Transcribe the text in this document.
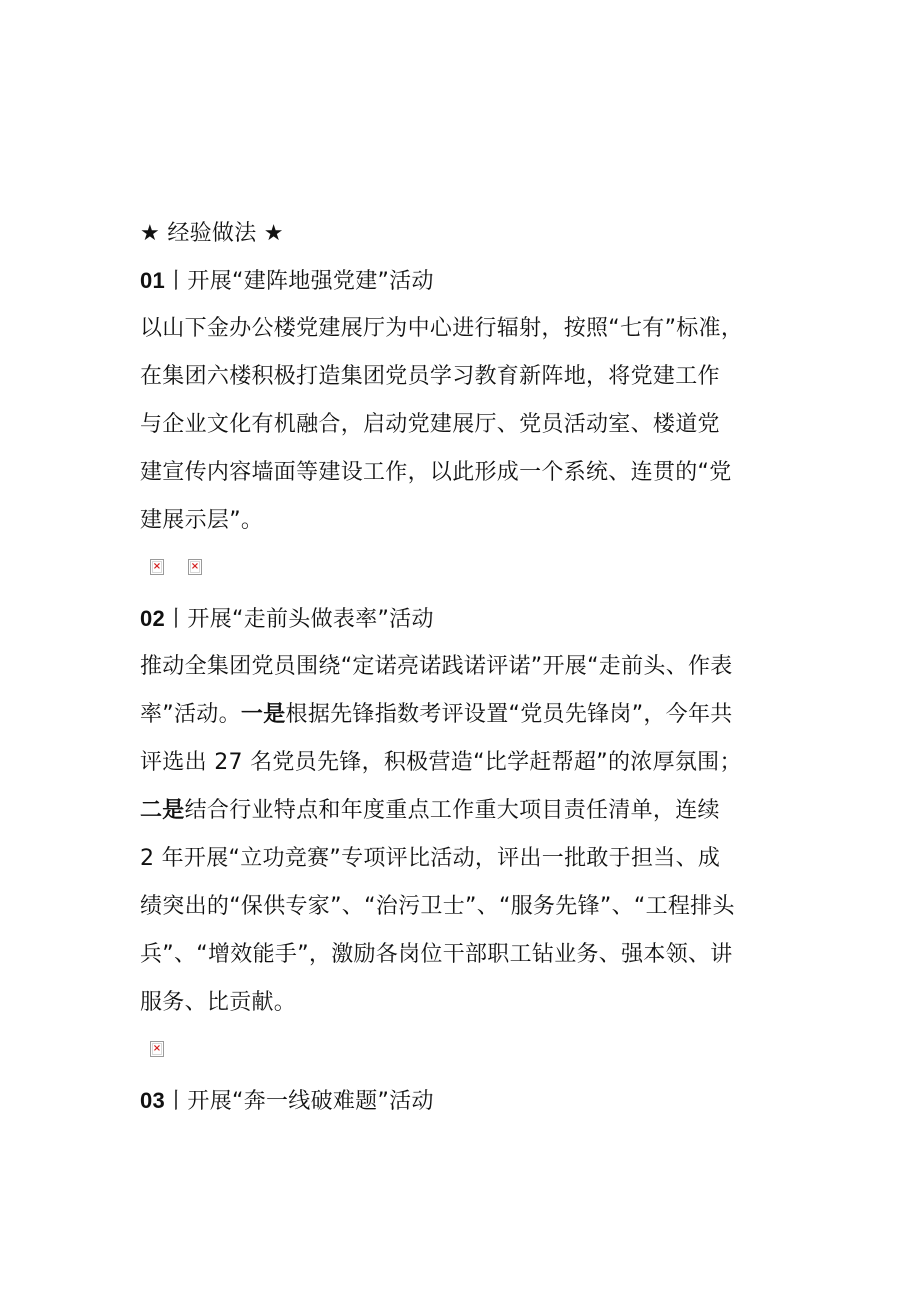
★ 经验做法 ★
01丨开展“建阵地强党建”活动
以山下金办公楼党建展厅为中心进行辐射，按照“七有”标准，
在集团六楼积极打造集团党员学习教育新阵地，将党建工作
与企业文化有机融合，启动党建展厅、党员活动室、楼道党
建宣传内容墙面等建设工作，以此形成一个系统、连贯的“党
建展示层”。
×	×
02丨开展“走前头做表率”活动
推动全集团党员围绕“定诺亮诺践诺评诺”开展“走前头、作表
率”活动。一是根据先锋指数考评设置“党员先锋岗”，今年共
评选出 27 名党员先锋，积极营造“比学赶帮超”的浓厚氛围；
二是结合行业特点和年度重点工作重大项目责任清单，连续
2 年开展“立功竞赛”专项评比活动，评出一批敢于担当、成
绩突出的“保供专家”、“治污卫士”、“服务先锋”、“工程排头
兵”、“增效能手”，激励各岗位干部职工钻业务、强本领、讲
服务、比贡献。
×
03丨开展“奔一线破难题”活动
